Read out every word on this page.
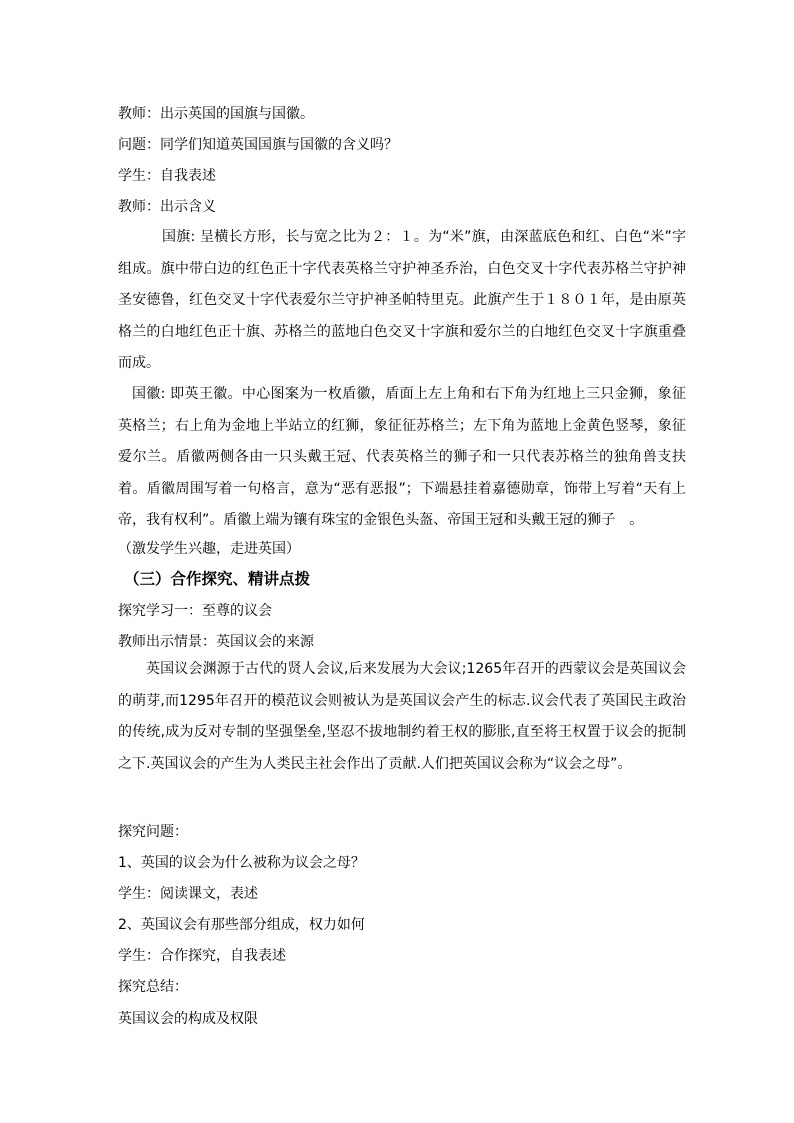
教师：出示英国的国旗与国徽。
问题：同学们知道英国国旗与国徽的含义吗？
学生：自我表述
教师：出示含义
国旗: 呈横长方形，长与宽之比为２：１。为“米”旗，由深蓝底色和红、白色“米”字组成。旗中带白边的红色正十字代表英格兰守护神圣乔治，白色交叉十字代表苏格兰守护神圣安德鲁，红色交叉十字代表爱尔兰守护神圣帕特里克。此旗产生于１８０１年，是由原英格兰的白地红色正十旗、苏格兰的蓝地白色交叉十字旗和爱尔兰的白地红色交叉十字旗重叠而成。
国徽: 即英王徽。中心图案为一枚盾徽，盾面上左上角和右下角为红地上三只金狮，象征英格兰；右上角为金地上半站立的红狮，象征征苏格兰；左下角为蓝地上金黄色竖琴，象征爱尔兰。盾徽两侧各由一只头戴王冠、代表英格兰的狮子和一只代表苏格兰的独角兽支扶着。盾徽周围写着一句格言，意为“恶有恶报”；下端悬挂着嘉德勋章，饰带上写着“天有上帝，我有权利”。盾徽上端为镶有珠宝的金银色头盔、帝国王冠和头戴王冠的狮子　。
（激发学生兴趣，走进英国）
（三）合作探究、精讲点拨
探究学习一：至尊的议会
教师出示情景：英国议会的来源
英国议会渊源于古代的贤人会议,后来发展为大会议;1265年召开的西蒙议会是英国议会的萌芽,而1295年召开的模范议会则被认为是英国议会产生的标志.议会代表了英国民主政治的传统,成为反对专制的坚强堡垒,坚忍不拔地制约着王权的膨胀,直至将王权置于议会的扼制之下.英国议会的产生为人类民主社会作出了贡献.人们把英国议会称为“议会之母”。
探究问题：
1、英国的议会为什么被称为议会之母？
学生：阅读课文，表述
2、英国议会有那些部分组成，权力如何
学生：合作探究，自我表述
探究总结：
英国议会的构成及权限
